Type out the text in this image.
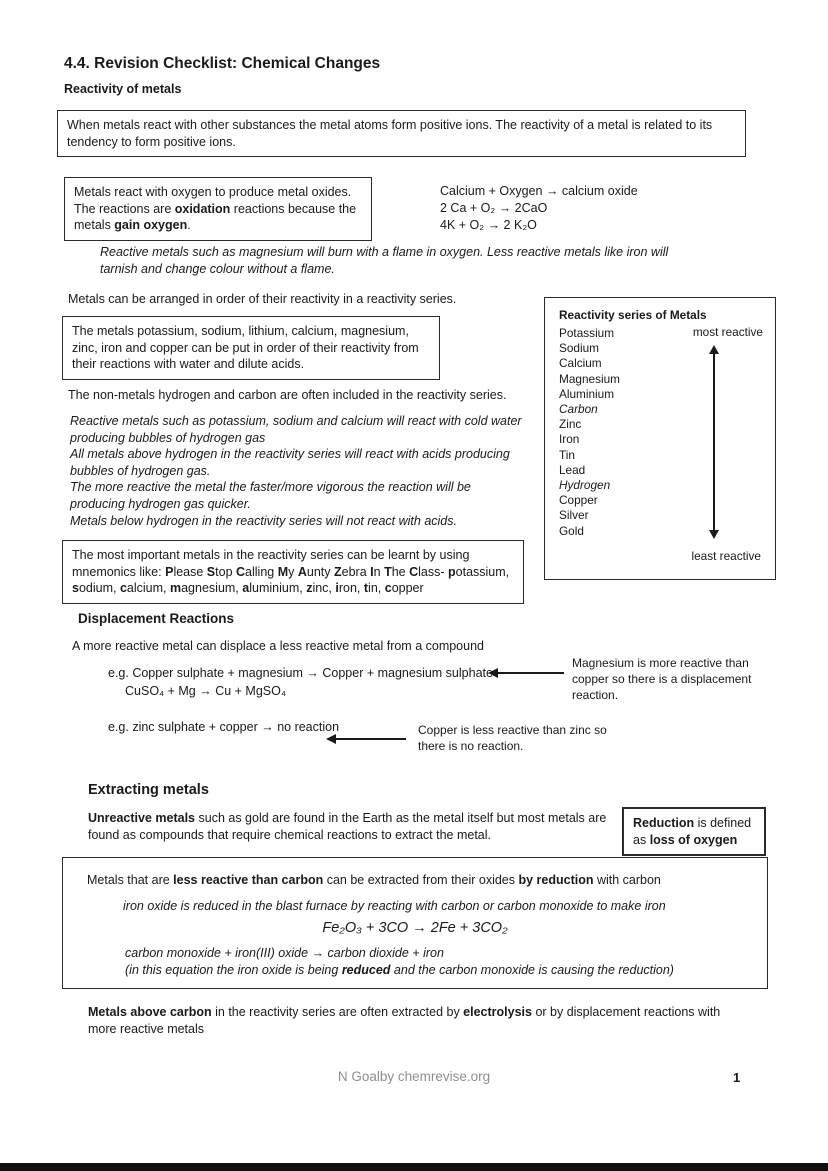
4.4. Revision Checklist: Chemical Changes
Reactivity of metals

When metals react with other substances the metal atoms form positive ions. The reactivity of a metal is related to its tendency to form positive ions.

Metals react with oxygen to produce metal oxides. The reactions are oxidation reactions because the metals gain oxygen.

Calcium + Oxygen → calcium oxide

2 Ca + O₂ → 2CaO

4K + O₂ → 2 K₂O

Reactive metals such as magnesium will burn with a flame in oxygen. Less reactive metals like iron will tarnish and change colour without a flame.

Metals can be arranged in order of their reactivity in a reactivity series.

The metals potassium, sodium, lithium, calcium, magnesium, zinc, iron and copper can be put in order of their reactivity from their reactions with water and dilute acids.

Reactivity series of Metals

most reactive

Potassium
Sodium
Calcium
Magnesium
Aluminium
Carbon
Zinc
Iron
Tin
Lead
Hydrogen
Copper
Silver
Gold

least reactive

The non-metals hydrogen and carbon are often included in the reactivity series.

Reactive metals such as potassium, sodium and calcium will react with cold water producing bubbles of hydrogen gas

All metals above hydrogen in the reactivity series will react with acids producing bubbles of hydrogen gas.

The more reactive the metal the faster/more vigorous the reaction will be producing hydrogen gas quicker.

Metals below hydrogen in the reactivity series will not react with acids.

The most important metals in the reactivity series can be learnt by using mnemonics like: Please Stop Calling My Aunty Zebra In The Class- potassium, sodium, calcium, magnesium, aluminium, zinc, iron, tin, copper

Displacement Reactions

A more reactive metal can displace a less reactive metal from a compound

e.g. Copper sulphate + magnesium → Copper + magnesium sulphate

CuSO₄ + Mg → Cu + MgSO₄

Magnesium is more reactive than copper so there is a displacement reaction.

e.g. zinc sulphate + copper → no reaction	Copper is less reactive than zinc so there is no reaction.

Extracting metals

Unreactive metals such as gold are found in the Earth as the metal itself but most metals are found as compounds that require chemical reactions to extract the metal.

Reduction is defined as loss of oxygen

Metals that are less reactive than carbon can be extracted from their oxides by reduction with carbon

iron oxide is reduced in the blast furnace by reacting with carbon or carbon monoxide to make iron

Fe₂O₃ + 3CO → 2Fe + 3CO₂

carbon monoxide + iron(III) oxide → carbon dioxide + iron

(in this equation the iron oxide is being reduced and the carbon monoxide is causing the reduction)

Metals above carbon in the reactivity series are often extracted by electrolysis or by displacement reactions with more reactive metals

N Goalby chemrevise.org	1
